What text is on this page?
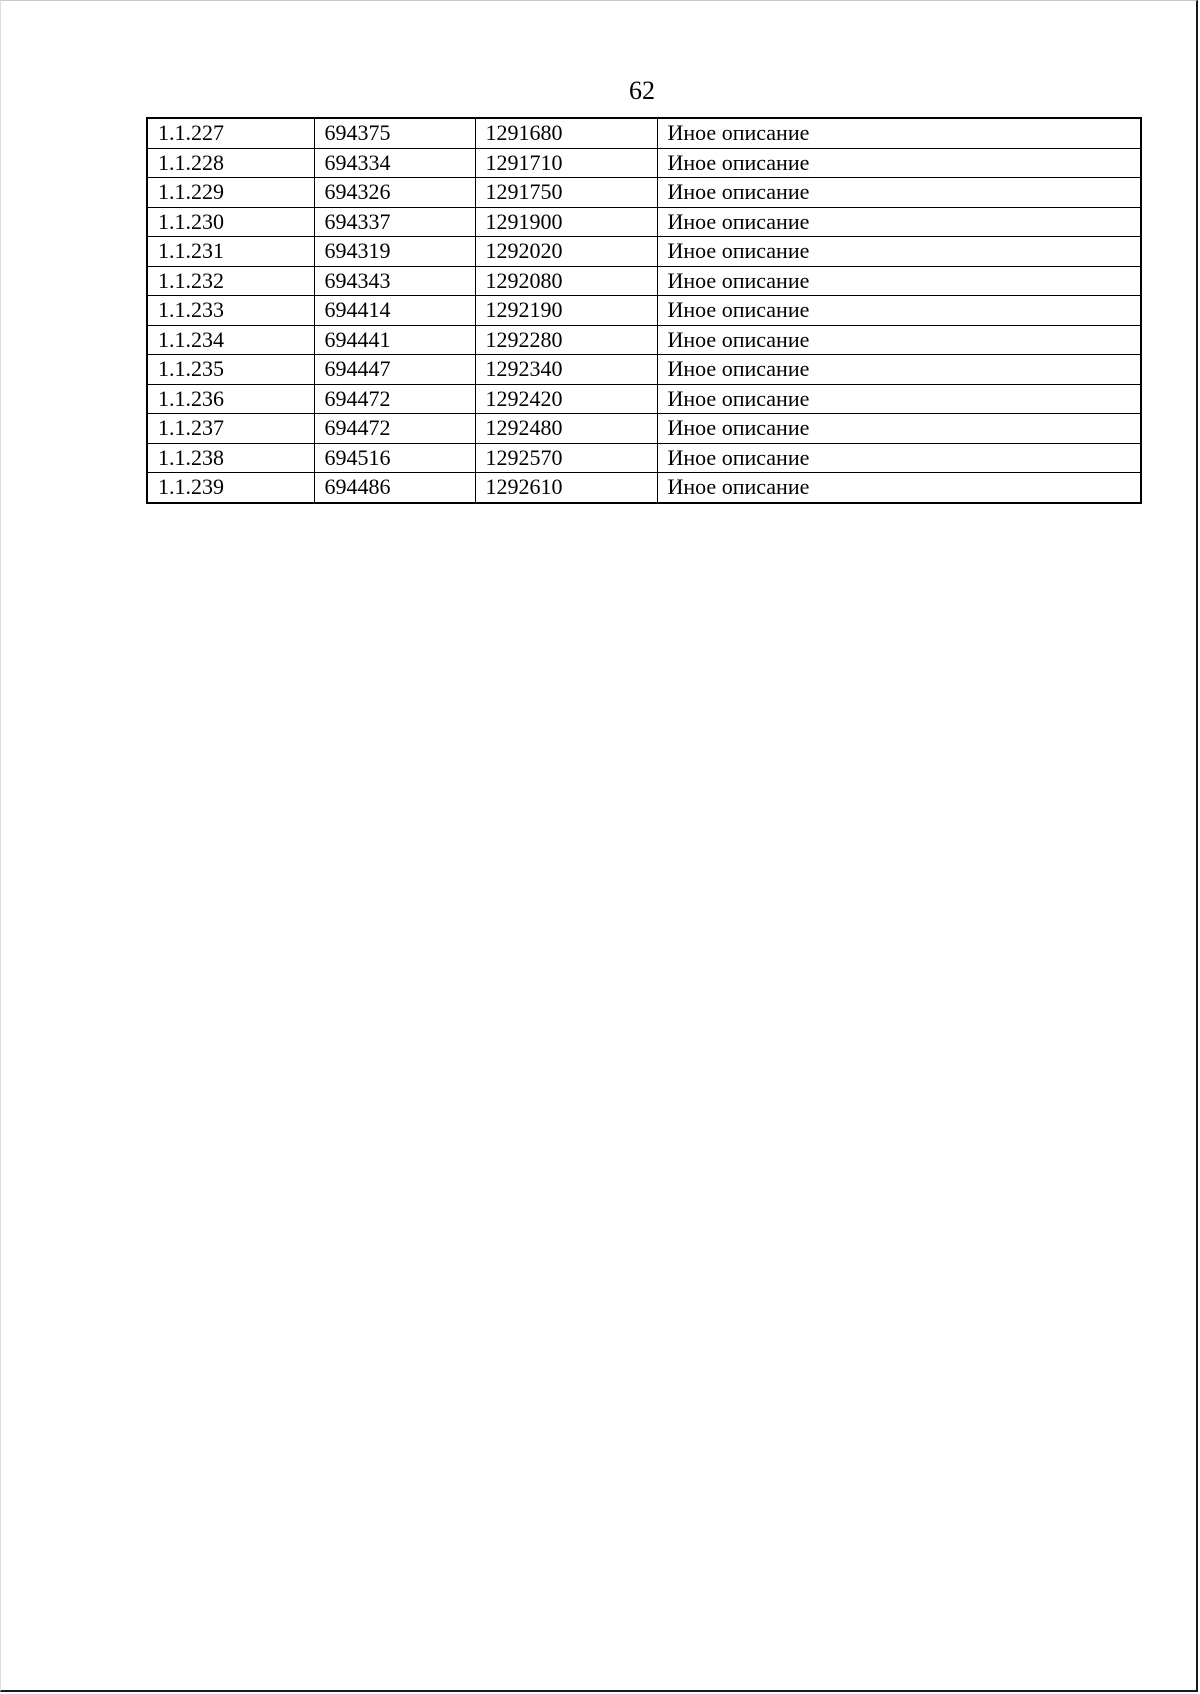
62
1.1.227	694375	1291680	Иное описание
1.1.228	694334	1291710	Иное описание
1.1.229	694326	1291750	Иное описание
1.1.230	694337	1291900	Иное описание
1.1.231	694319	1292020	Иное описание
1.1.232	694343	1292080	Иное описание
1.1.233	694414	1292190	Иное описание
1.1.234	694441	1292280	Иное описание
1.1.235	694447	1292340	Иное описание
1.1.236	694472	1292420	Иное описание
1.1.237	694472	1292480	Иное описание
1.1.238	694516	1292570	Иное описание
1.1.239	694486	1292610	Иное описание
